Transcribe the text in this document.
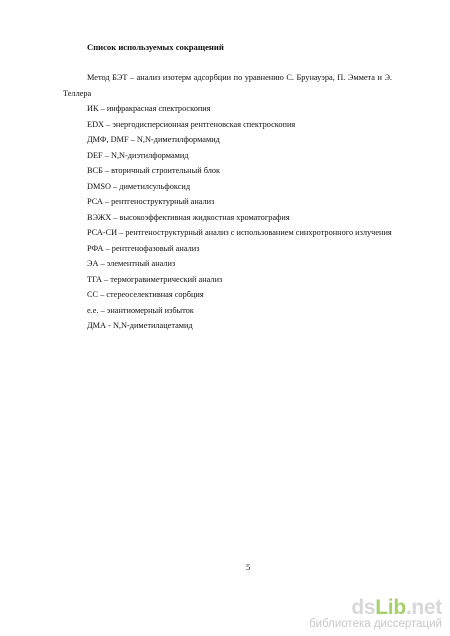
Список используемых сокращений
Метод БЭТ – анализ изотерм адсорбции по уравнению С. Брунауэра, П. Эммета и Э. Теллера
ИК – инфракрасная спектроскопия
EDX – энергодисперсионная рентгеновская спектроскопия
ДМФ, DMF – N,N-диметилформамид
DEF – N,N-диэтилформамид
ВСБ – вторичный строительный блок
DMSO – диметилсульфоксид
РСА – рентгеноструктурный анализ
ВЭЖХ – высокоэффективная жидкостная хроматография
РСА-СИ – рентгеноструктурный анализ с использованием синхротронного излучения
РФА – рентгенофазовый анализ
ЭА – элементный анализ
ТГА – термогравиметрический анализ
СС – стереоселективная сорбция
е.е. – энантиомерный избыток
ДМА - N,N-диметилацетамид
5
dsLib.net
библиотека диссертаций
